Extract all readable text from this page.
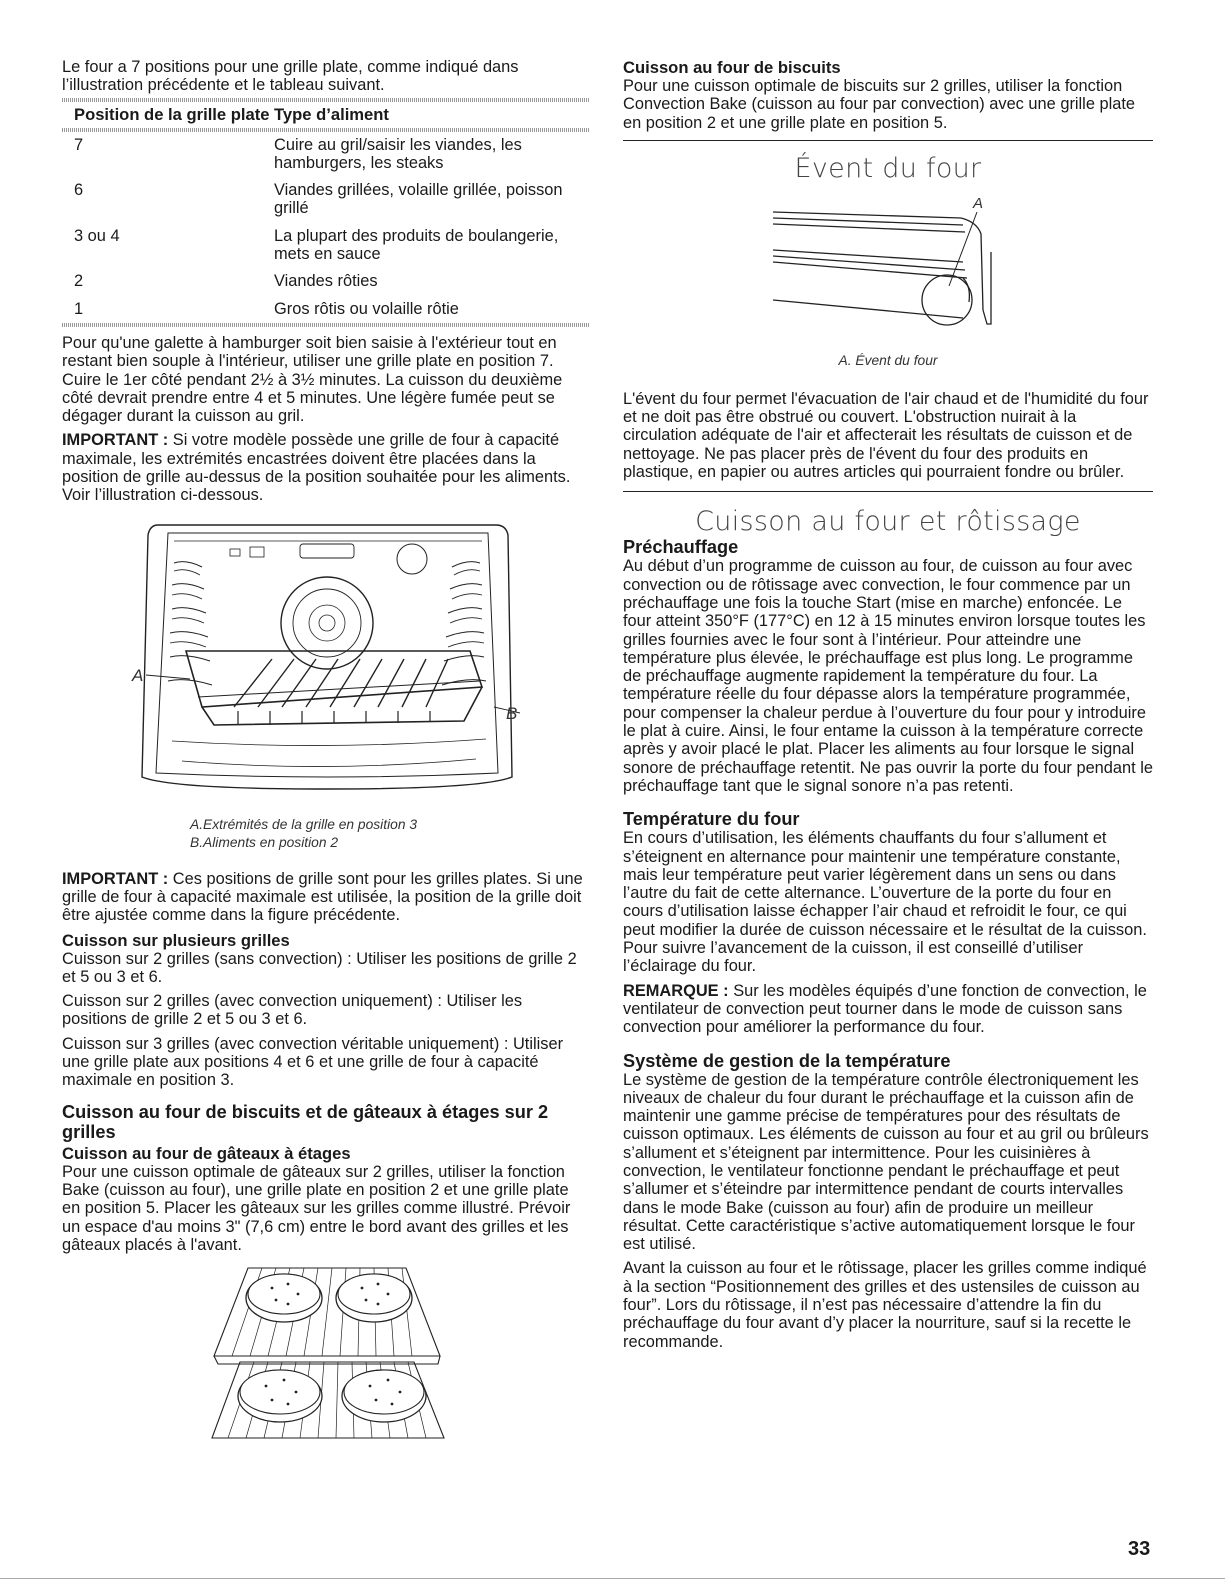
Le four a 7 positions pour une grille plate, comme indiqué dans l’illustration précédente et le tableau suivant.

Position de la grille plate	Type d’aliment

7	Cuire au gril/saisir les viandes, les hamburgers, les steaks
6	Viandes grillées, volaille grillée, poisson grillé
3 ou 4	La plupart des produits de boulangerie, mets en sauce
2	Viandes rôties
1	Gros rôtis ou volaille rôtie

Pour qu'une galette à hamburger soit bien saisie à l'extérieur tout en restant bien souple à l'intérieur, utiliser une grille plate en position 7. Cuire le 1er côté pendant 2½ à 3½ minutes. La cuisson du deuxième côté devrait prendre entre 4 et 5 minutes. Une légère fumée peut se dégager durant la cuisson au gril.

IMPORTANT : Si votre modèle possède une grille de four à capacité maximale, les extrémités encastrées doivent être placées dans la position de grille au-dessus de la position souhaitée pour les aliments. Voir l’illustration ci-dessous.

A
B
A.Extrémités de la grille en position 3
B.Aliments en position 2

IMPORTANT : Ces positions de grille sont pour les grilles plates. Si une grille de four à capacité maximale est utilisée, la position de la grille doit être ajustée comme dans la figure précédente.

Cuisson sur plusieurs grilles

Cuisson sur 2 grilles (sans convection) : Utiliser les positions de grille 2 et 5 ou 3 et 6.

Cuisson sur 2 grilles (avec convection uniquement) : Utiliser les positions de grille 2 et 5 ou 3 et 6.

Cuisson sur 3 grilles (avec convection véritable uniquement) : Utiliser une grille plate aux positions 4 et 6 et une grille de four à capacité maximale en position 3.

Cuisson au four de biscuits et de gâteaux à étages sur 2 grilles
Cuisson au four de gâteaux à étages

Pour une cuisson optimale de gâteaux sur 2 grilles, utiliser la fonction Bake (cuisson au four), une grille plate en position 2 et une grille plate en position 5. Placer les gâteaux sur les grilles comme illustré. Prévoir un espace d'au moins 3" (7,6 cm) entre le bord avant des grilles et les gâteaux placés à l'avant.

Cuisson au four de biscuits

Pour une cuisson optimale de biscuits sur 2 grilles, utiliser la fonction Convection Bake (cuisson au four par convection) avec une grille plate en position 2 et une grille plate en position 5.

Évent du four
A
A. Évent du four

L'évent du four permet l'évacuation de l'air chaud et de l'humidité du four et ne doit pas être obstrué ou couvert. L'obstruction nuirait à la circulation adéquate de l'air et affecterait les résultats de cuisson et de nettoyage. Ne pas placer près de l'évent du four des produits en plastique, en papier ou autres articles qui pourraient fondre ou brûler.

Cuisson au four et rôtissage
Préchauffage

Au début d’un programme de cuisson au four, de cuisson au four avec convection ou de rôtissage avec convection, le four commence par un préchauffage une fois la touche Start (mise en marche) enfoncée. Le four atteint 350°F (177°C) en 12 à 15 minutes environ lorsque toutes les grilles fournies avec le four sont à l’intérieur. Pour atteindre une température plus élevée, le préchauffage est plus long. Le programme de préchauffage augmente rapidement la température du four. La température réelle du four dépasse alors la température programmée, pour compenser la chaleur perdue à l’ouverture du four pour y introduire le plat à cuire. Ainsi, le four entame la cuisson à la température correcte après y avoir placé le plat. Placer les aliments au four lorsque le signal sonore de préchauffage retentit. Ne pas ouvrir la porte du four pendant le préchauffage tant que le signal sonore n’a pas retenti.

Température du four

En cours d’utilisation, les éléments chauffants du four s’allument et s’éteignent en alternance pour maintenir une température constante, mais leur température peut varier légèrement dans un sens ou dans l’autre du fait de cette alternance. L’ouverture de la porte du four en cours d’utilisation laisse échapper l’air chaud et refroidit le four, ce qui peut modifier la durée de cuisson nécessaire et le résultat de la cuisson. Pour suivre l’avancement de la cuisson, il est conseillé d’utiliser l’éclairage du four.

REMARQUE : Sur les modèles équipés d’une fonction de convection, le ventilateur de convection peut tourner dans le mode de cuisson sans convection pour améliorer la performance du four.

Système de gestion de la température

Le système de gestion de la température contrôle électroniquement les niveaux de chaleur du four durant le préchauffage et la cuisson afin de maintenir une gamme précise de températures pour des résultats de cuisson optimaux. Les éléments de cuisson au four et au gril ou brûleurs s’allument et s’éteignent par intermittence. Pour les cuisinières à convection, le ventilateur fonctionne pendant le préchauffage et peut s’allumer et s’éteindre par intermittence pendant de courts intervalles dans le mode Bake (cuisson au four) afin de produire un meilleur résultat. Cette caractéristique s’active automatiquement lorsque le four est utilisé.

Avant la cuisson au four et le rôtissage, placer les grilles comme indiqué à la section “Positionnement des grilles et des ustensiles de cuisson au four”. Lors du rôtissage, il n’est pas nécessaire d’attendre la fin du préchauffage du four avant d’y placer la nourriture, sauf si la recette le recommande.

33
